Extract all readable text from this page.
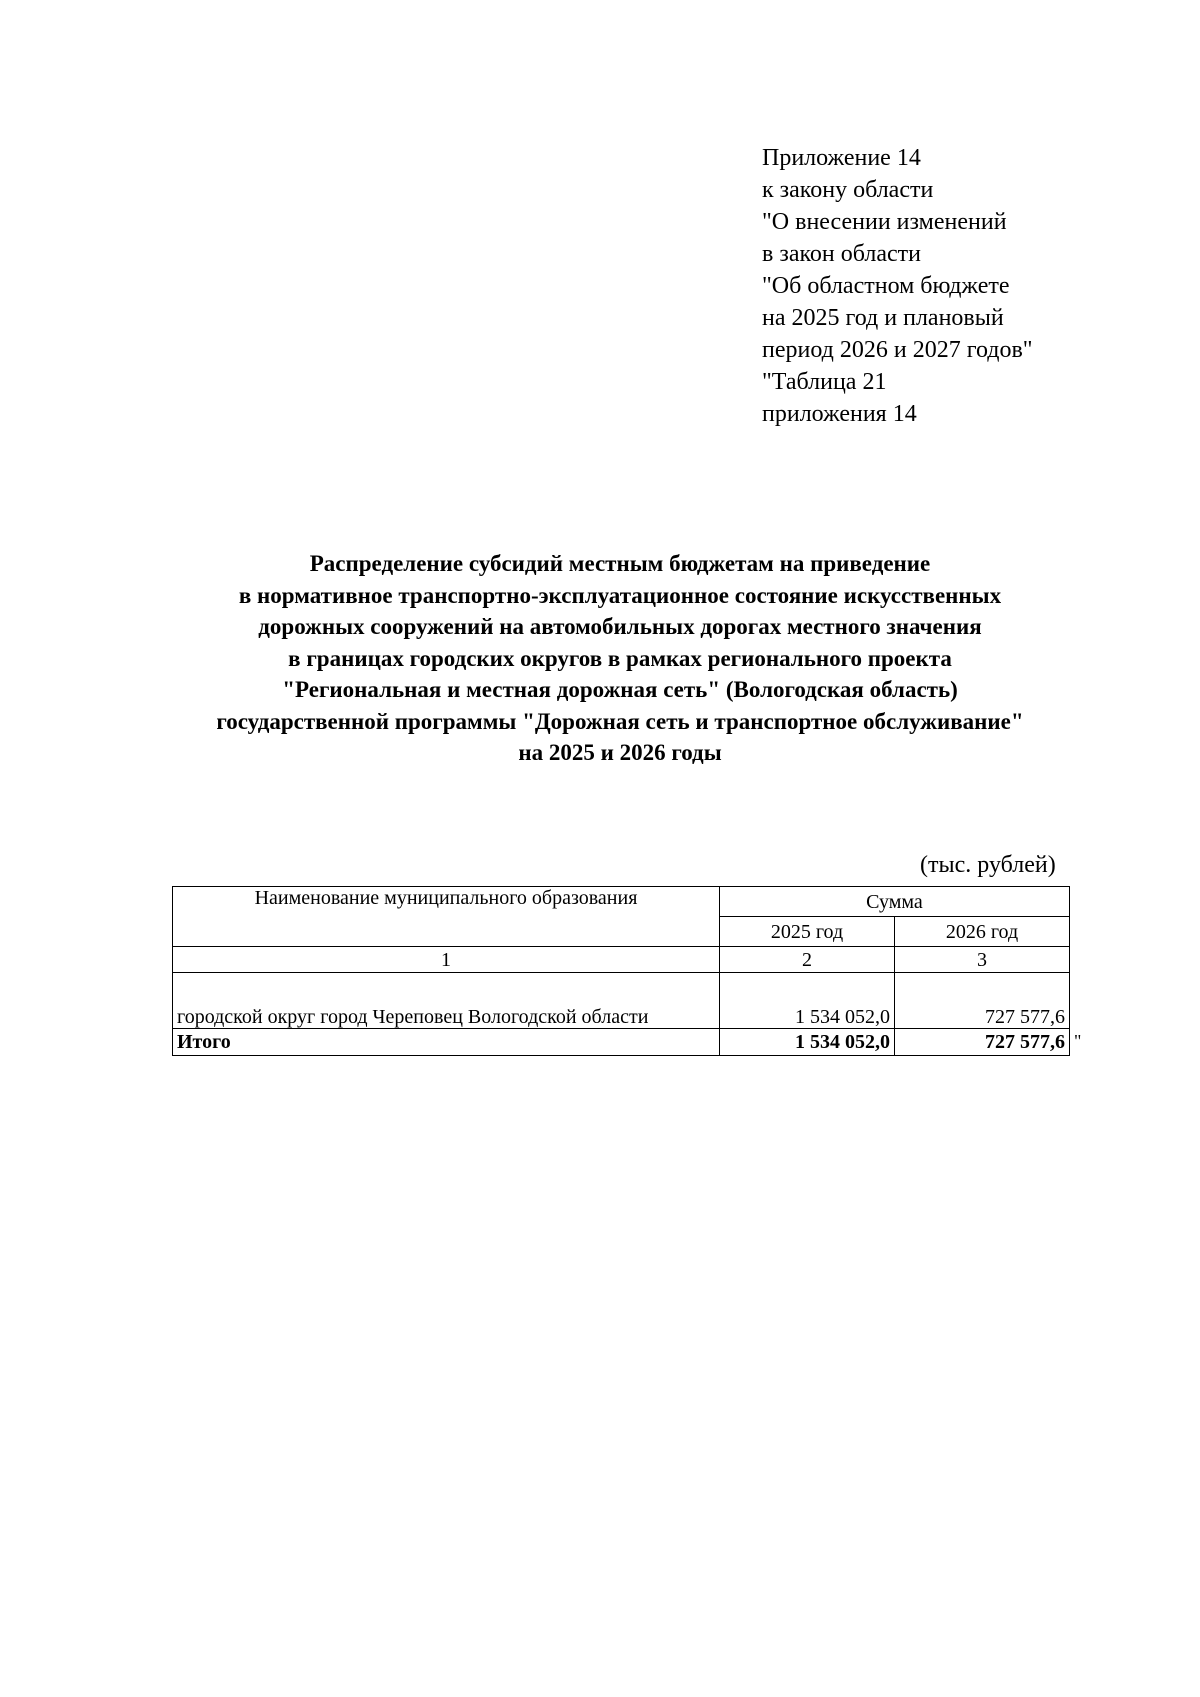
Приложение 14
к закону области
"О внесении изменений
в закон области
"Об областном бюджете
на 2025 год и плановый
период 2026 и 2027 годов"
"Таблица 21
приложения 14
Распределение субсидий местным бюджетам на приведение
в нормативное транспортно-эксплуатационное состояние искусственных
дорожных сооружений на автомобильных дорогах местного значения
в границах городских округов в рамках регионального проекта
"Региональная и местная дорожная сеть" (Вологодская область)
государственной программы "Дорожная сеть и транспортное обслуживание"
на 2025 и 2026 годы
(тыс. рублей)
Наименование муниципального образования	Сумма	
	2025 год	2026 год
1	2	3
городской округ город Череповец Вологодской области	1 534 052,0	727 577,6
Итого	1 534 052,0	727 577,6 "
